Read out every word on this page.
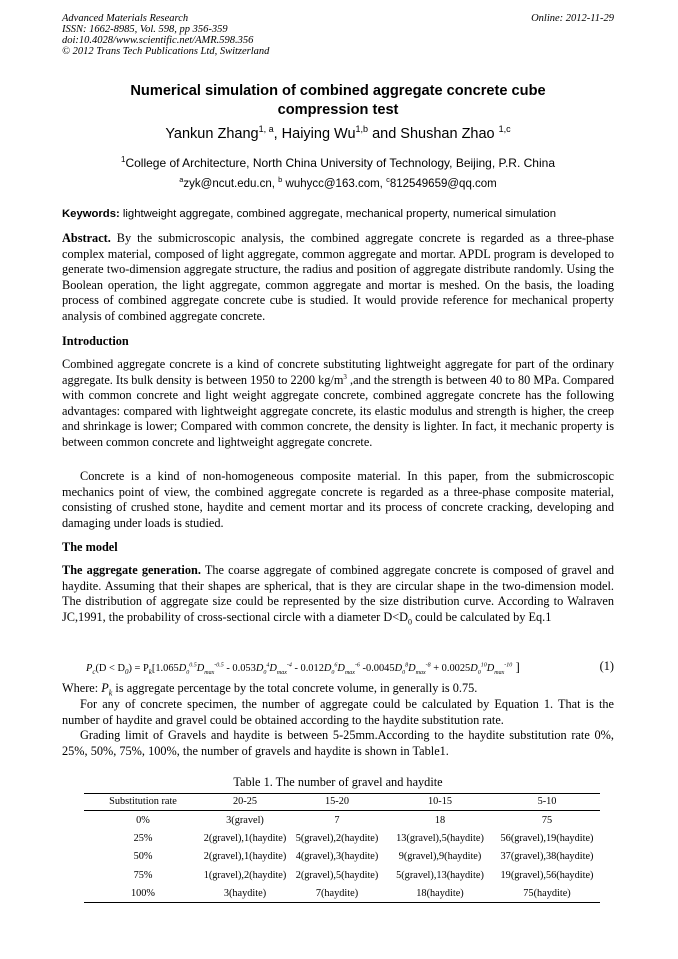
Advanced Materials Research
ISSN: 1662-8985, Vol. 598, pp 356-359
doi:10.4028/www.scientific.net/AMR.598.356
© 2012 Trans Tech Publications Ltd, Switzerland
Online: 2012-11-29
Numerical simulation of combined aggregate concrete cube
compression test
Yankun Zhang$^{1, a}$, Haiying Wu$^{1,b}$ and Shushan Zhao $^{1,c}$
$^1$College of Architecture, North China University of Technology, Beijing, P.R. China
$^a$zyk@ncut.edu.cn, $^b$ wuhycc@163.com, $^c$812549659@qq.com
Keywords: lightweight aggregate, combined aggregate, mechanical property, numerical simulation
Abstract. By the submicroscopic analysis, the combined aggregate concrete is regarded as a three-phase complex material, composed of light aggregate, common aggregate and mortar. APDL program is developed to generate two-dimension aggregate structure, the radius and position of aggregate distribute randomly. Using the Boolean operation, the light aggregate, common aggregate and mortar is meshed. On the basis, the loading process of combined aggregate concrete cube is studied. It would provide reference for mechanical property analysis of combined aggregate concrete.
Introduction
Combined aggregate concrete is a kind of concrete substituting lightweight aggregate for part of the ordinary aggregate. Its bulk density is between 1950 to 2200 $kg/m^3$ ,and the strength is between 40 to 80 MPa. Compared with common concrete and light weight aggregate concrete, combined aggregate concrete has the following advantages: compared with lightweight aggregate concrete, its elastic modulus and strength is higher, the creep and shrinkage is lower; Compared with common concrete, the density is lighter. In fact, it mechanic property is between common concrete and lightweight aggregate concrete.
Concrete is a kind of non-homogeneous composite material. In this paper, from the submicroscopic mechanics point of view, the combined aggregate concrete is regarded as a three-phase composite material, consisting of crushed stone, haydite and cement mortar and its process of concrete cracking, developing and damaging under loads is studied.
The model
The aggregate generation. The coarse aggregate of combined aggregate concrete is composed of gravel and haydite. Assuming that their shapes are spherical, that is they are circular shape in the two-dimension model. The distribution of aggregate size could be represented by the size distribution curve. According to Walraven JC,1991, the probability of cross-sectional circle with a diameter $D<D_0$ could be calculated by Eq.1
$P_c(D < D_0) = P_k[1.065D_0^{0.5}D_{max}^{-0.5} - 0.053D_0^4D_{max}^{-4} - 0.012D_0^6D_{max}^{-6}$ $-0.0045D_0^8D_{max}^{-8} + 0.0025D_0^{10}D_{max}^{-10}$ ]	(1)
Where: $P_k$ is aggregate percentage by the total concrete volume, in generally is 0.75.
For any of concrete specimen, the number of aggregate could be calculated by Equation 1. That is the number of haydite and gravel could be obtained according to the haydite substitution rate.
Grading limit of Gravels and haydite is between 5-25mm.According to the haydite substitution rate 0%, 25%, 50%, 75%, 100%, the number of gravels and haydite is shown in Table1.
Table 1. The number of gravel and haydite
Substitution rate	20-25	15-20	10-15	5-10
0%	3(gravel)	7	18	75
25%	2(gravel),1(haydite)	5(gravel),2(haydite)	13(gravel),5(haydite)	56(gravel),19(haydite)
50%	2(gravel),1(haydite)	4(gravel),3(haydite)	9(gravel),9(haydite)	37(gravel),38(haydite)
75%	1(gravel),2(haydite)	2(gravel),5(haydite)	5(gravel),13(haydite)	19(gravel),56(haydite)
100%	3(haydite)	7(haydite)	18(haydite)	75(haydite)
